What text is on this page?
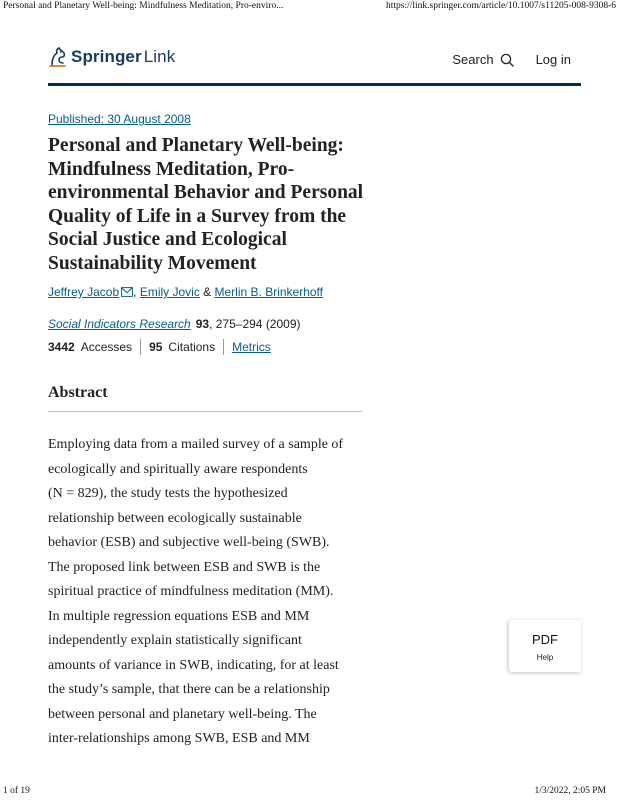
Personal and Planetary Well-being: Mindfulness Meditation, Pro-enviro...	https://link.springer.com/article/10.1007/s11205-008-9308-6
Springer Link	Search	Log in
Published: 30 August 2008
Personal and Planetary Well-being: Mindfulness Meditation, Pro-environmental Behavior and Personal Quality of Life in a Survey from the Social Justice and Ecological Sustainability Movement
Jeffrey Jacob , Emily Jovic & Merlin B. Brinkerhoff
Social Indicators Research 93, 275–294 (2009)
3442 Accesses 95 Citations Metrics
Abstract
Employing data from a mailed survey of a sample of
ecologically and spiritually aware respondents
(N = 829), the study tests the hypothesized
relationship between ecologically sustainable
behavior (ESB) and subjective well-being (SWB).
The proposed link between ESB and SWB is the
spiritual practice of mindfulness meditation (MM).
In multiple regression equations ESB and MM
independently explain statistically significant
amounts of variance in SWB, indicating, for at least
the study’s sample, that there can be a relationship
between personal and planetary well-being. The
inter-relationships among SWB, ESB and MM
PDF
Help
1 of 19	1/3/2022, 2:05 PM
